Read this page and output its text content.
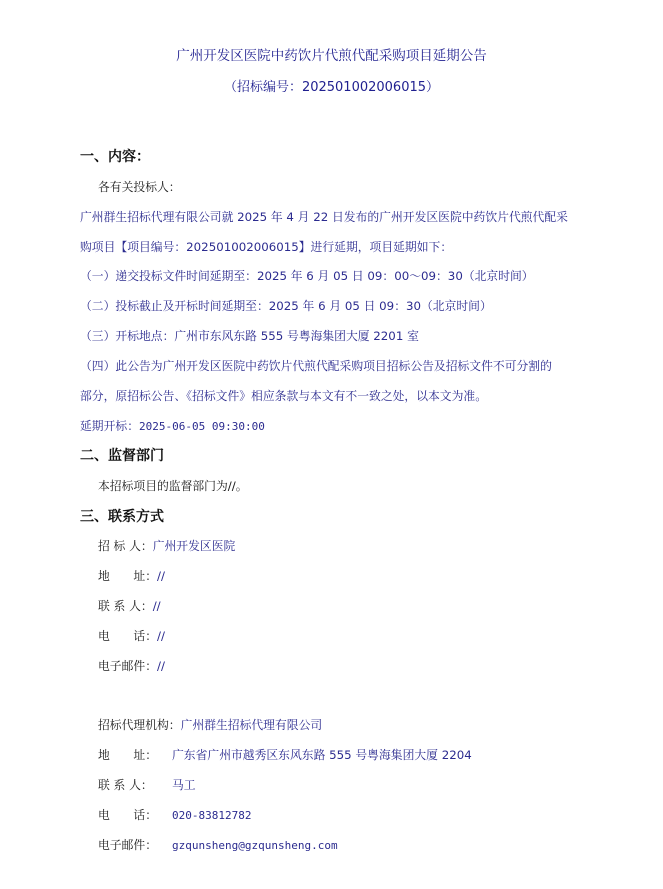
广州开发区医院中药饮片代煎代配采购项目延期公告
（招标编号：202501002006015）
一、内容：
各有关投标人：
广州群生招标代理有限公司就 2025 年 4 月 22 日发布的广州开发区医院中药饮片代煎代配采
购项目【项目编号：202501002006015】进行延期，项目延期如下：
（一）递交投标文件时间延期至：2025 年 6 月 05 日 09：00～09：30（北京时间）
（二）投标截止及开标时间延期至：2025 年 6 月 05 日 09：30（北京时间）
（三）开标地点：广州市东风东路 555 号粤海集团大厦 2201 室
（四）此公告为广州开发区医院中药饮片代煎代配采购项目招标公告及招标文件不可分割的
部分，原招标公告、《招标文件》相应条款与本文有不一致之处，以本文为准。
延期开标：2025-06-05 09:30:00
二、监督部门
本招标项目的监督部门为//。
三、联系方式
招 标 人：广州开发区医院
地　　址：//
联 系 人：//
电　　话：//
电子邮件：//
招标代理机构：广州群生招标代理有限公司
地　　址： 广东省广州市越秀区东风东路 555 号粤海集团大厦 2204
联 系 人： 马工
电　　话： 020-83812782
电子邮件： gzqunsheng@gzqunsheng.com
